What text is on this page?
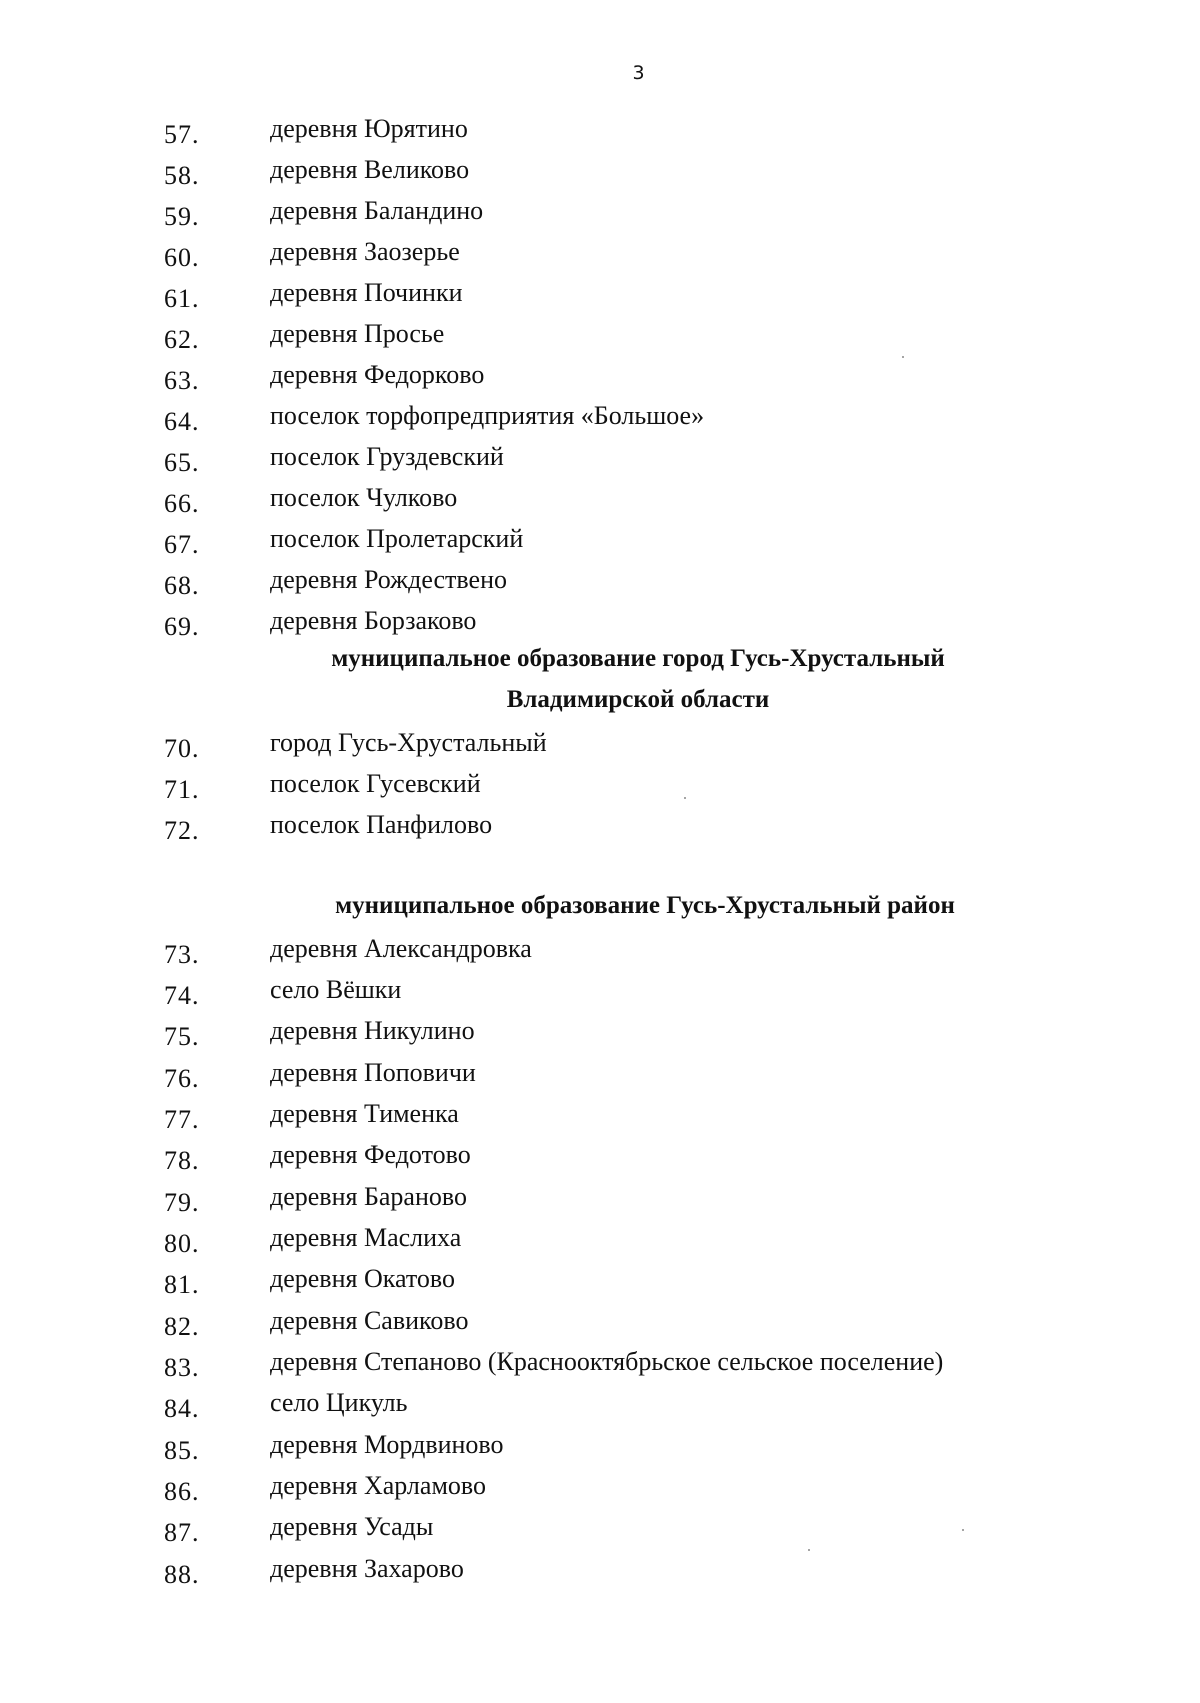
3
57.	деревня Юрятино
58.	деревня Великово
59.	деревня Баландино
60.	деревня Заозерье
61.	деревня Починки
62.	деревня Просье
63.	деревня Федорково
64.	поселок торфопредприятия «Большое»
65.	поселок Груздевский
66.	поселок Чулково
67.	поселок Пролетарский
68.	деревня Рождествено
69.	деревня Борзаково
муниципальное образование город Гусь-Хрустальный
Владимирской области
70.	город Гусь-Хрустальный
71.	поселок Гусевский
72.	поселок Панфилово
муниципальное образование Гусь-Хрустальный район
73.	деревня Александровка
74.	село Вёшки
75.	деревня Никулино
76.	деревня Поповичи
77.	деревня Тименка
78.	деревня Федотово
79.	деревня Бараново
80.	деревня Маслиха
81.	деревня Окатово
82.	деревня Савиково
83.	деревня Степаново (Краснооктябрьское сельское поселение)
84.	село Цикуль
85.	деревня Мордвиново
86.	деревня Харламово
87.	деревня Усады
88.	деревня Захарово
